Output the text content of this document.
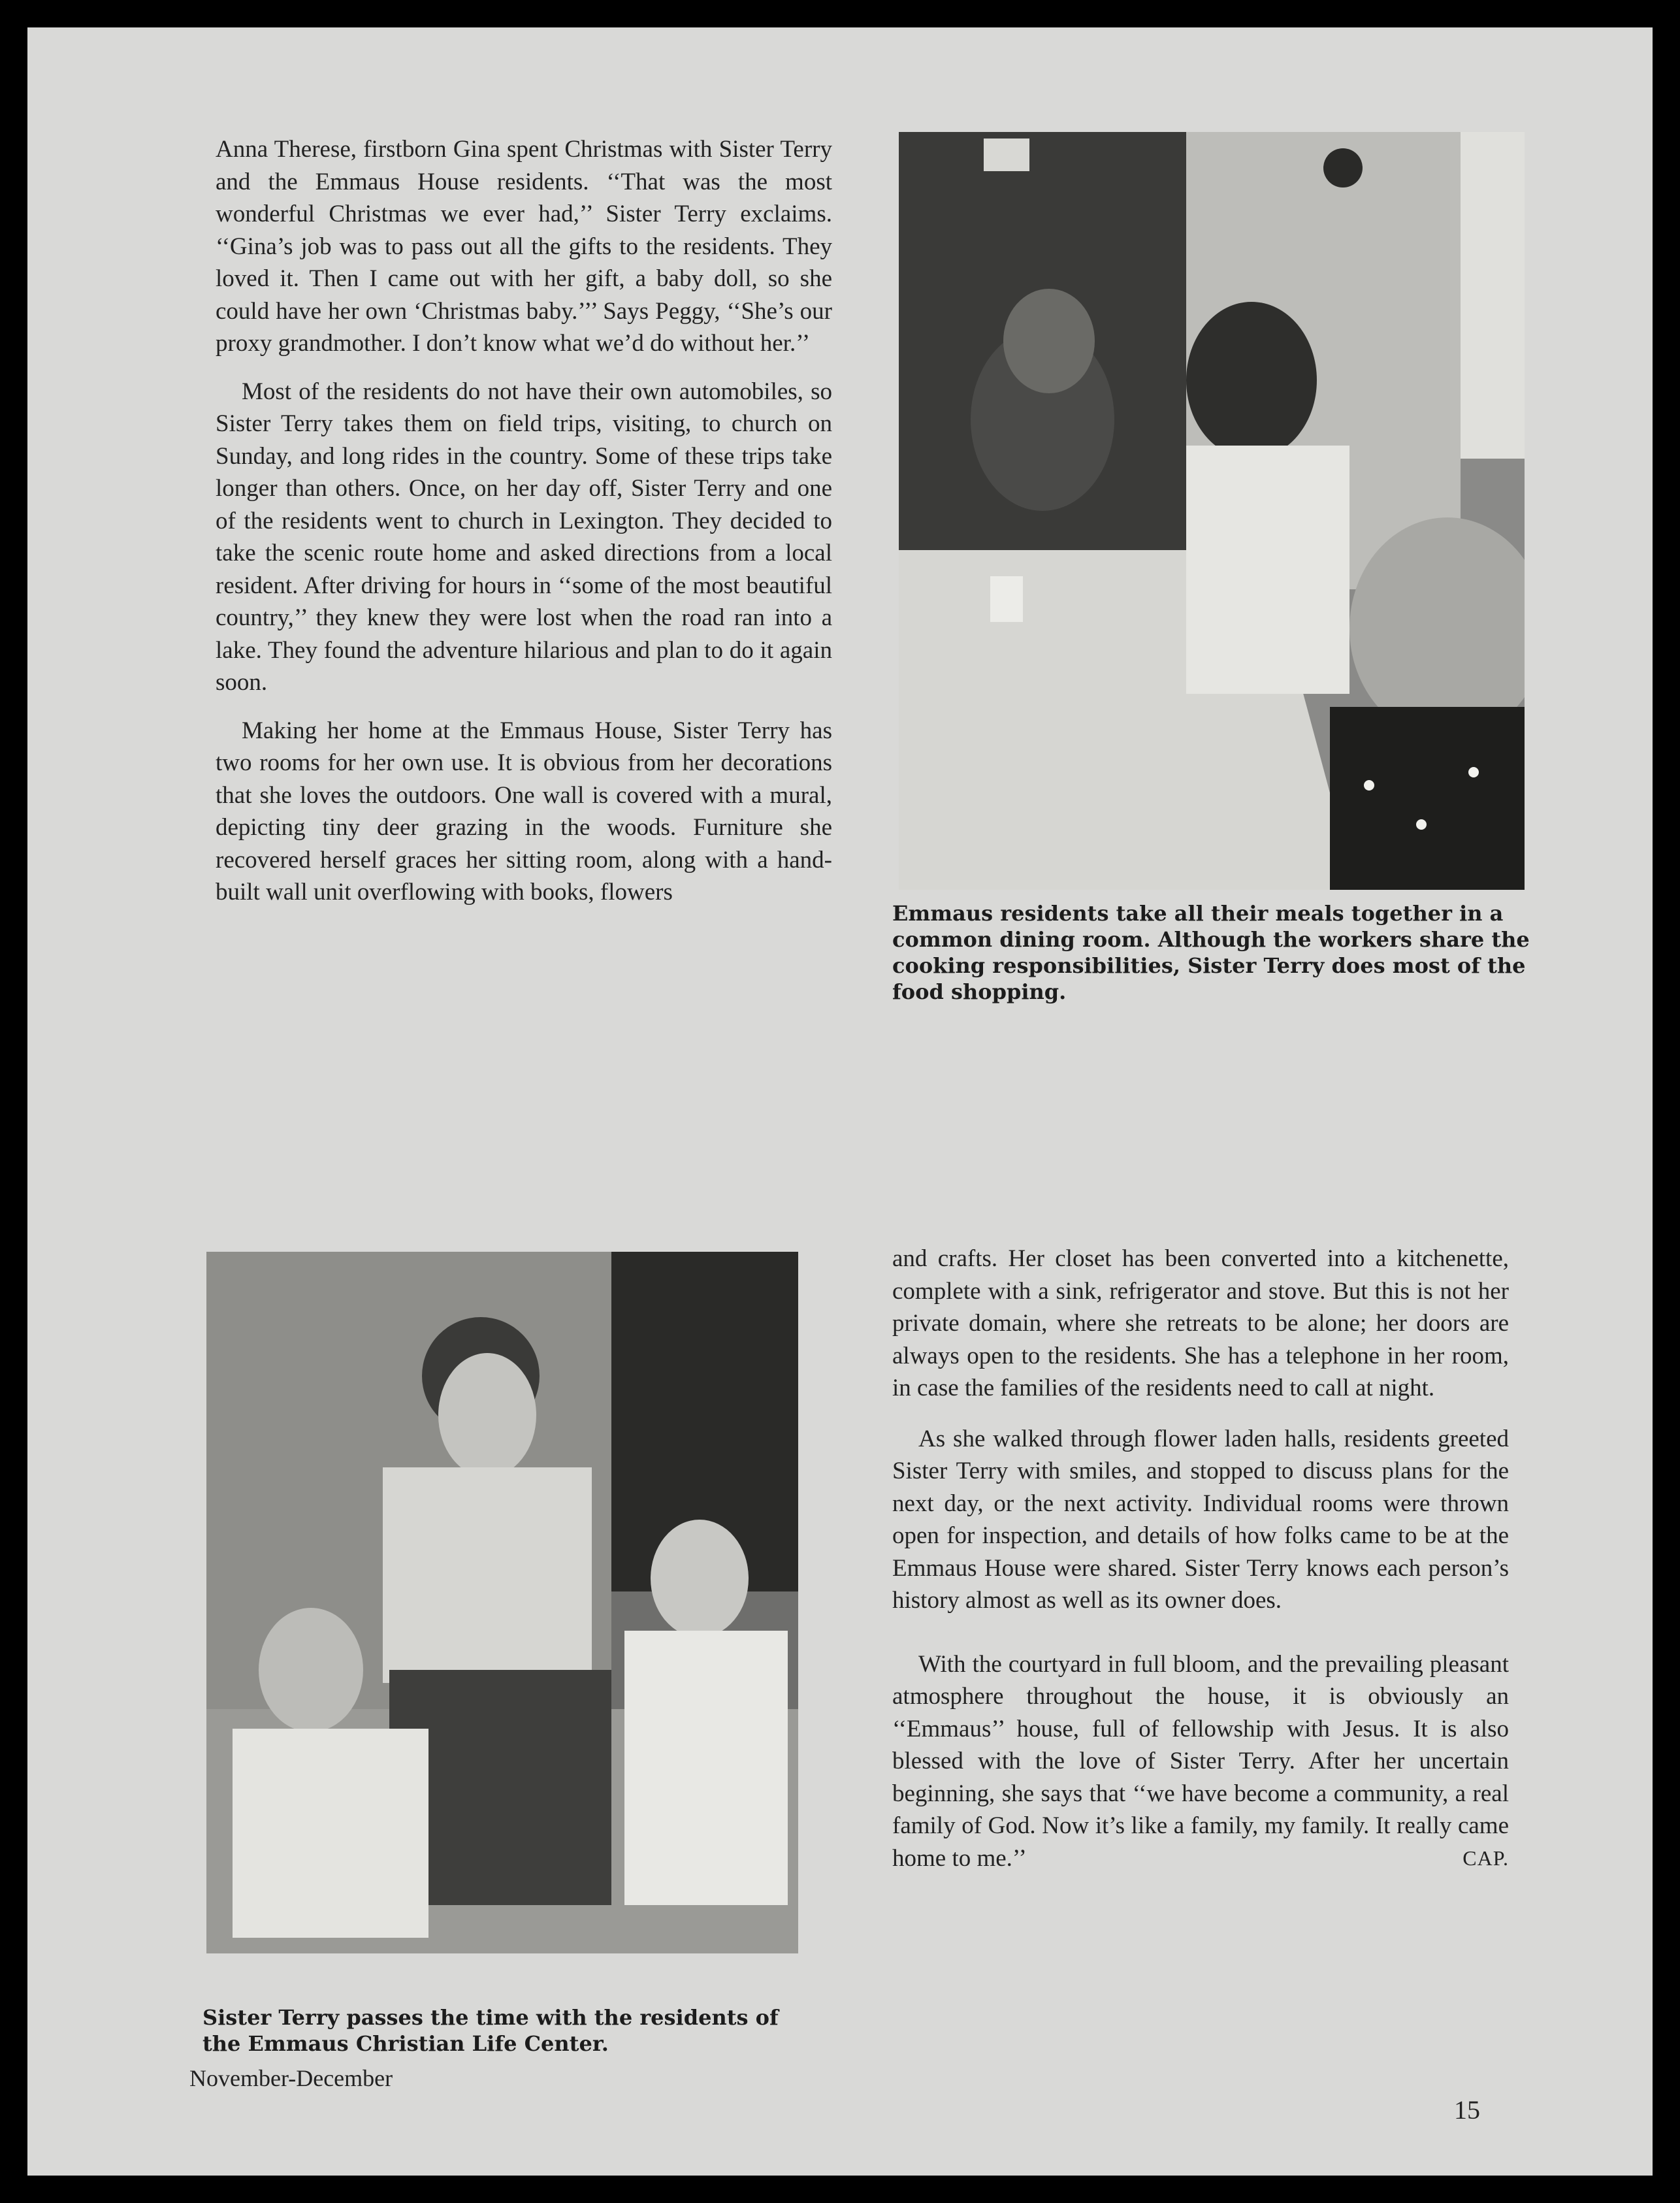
Anna Therese, firstborn Gina spent Christmas with Sister Terry and the Emmaus House residents. ‘‘That was the most wonderful Christmas we ever had,’’ Sister Terry exclaims. ‘‘Gina’s job was to pass out all the gifts to the residents. They loved it. Then I came out with her gift, a baby doll, so she could have her own ‘Christmas baby.’’’ Says Peggy, ‘‘She’s our proxy grandmother. I don’t know what we’d do without her.’’

Most of the residents do not have their own automobiles, so Sister Terry takes them on field trips, visiting, to church on Sunday, and long rides in the country. Some of these trips take longer than others. Once, on her day off, Sister Terry and one of the residents went to church in Lexington. They decided to take the scenic route home and asked directions from a local resident. After driving for hours in ‘‘some of the most beautiful country,’’ they knew they were lost when the road ran into a lake. They found the adventure hilarious and plan to do it again soon.

Making her home at the Emmaus House, Sister Terry has two rooms for her own use. It is obvious from her decorations that she loves the outdoors. One wall is covered with a mural, depicting tiny deer grazing in the woods. Furniture she recovered herself graces her sitting room, along with a hand-built wall unit overflowing with books, flowers

Emmaus residents take all their meals together in a common dining room. Although the workers share the cooking responsibilities, Sister Terry does most of the food shopping.
Sister Terry passes the time with the residents of the Emmaus Christian Life Center.

and crafts. Her closet has been converted into a kitchenette, complete with a sink, refrigerator and stove. But this is not her private domain, where she retreats to be alone; her doors are always open to the residents. She has a telephone in her room, in case the families of the residents need to call at night.

As she walked through flower laden halls, residents greeted Sister Terry with smiles, and stopped to discuss plans for the next day, or the next activity. Individual rooms were thrown open for inspection, and details of how folks came to be at the Emmaus House were shared. Sister Terry knows each person’s history almost as well as its owner does.

With the courtyard in full bloom, and the prevailing pleasant atmosphere throughout the house, it is obviously an ‘‘Emmaus’’ house, full of fellowship with Jesus. It is also blessed with the love of Sister Terry. After her uncertain beginning, she says that ‘‘we have become a community, a real family of God. Now it’s like a family, my family. It really came home to me.’’	CAP.

November-December
15
